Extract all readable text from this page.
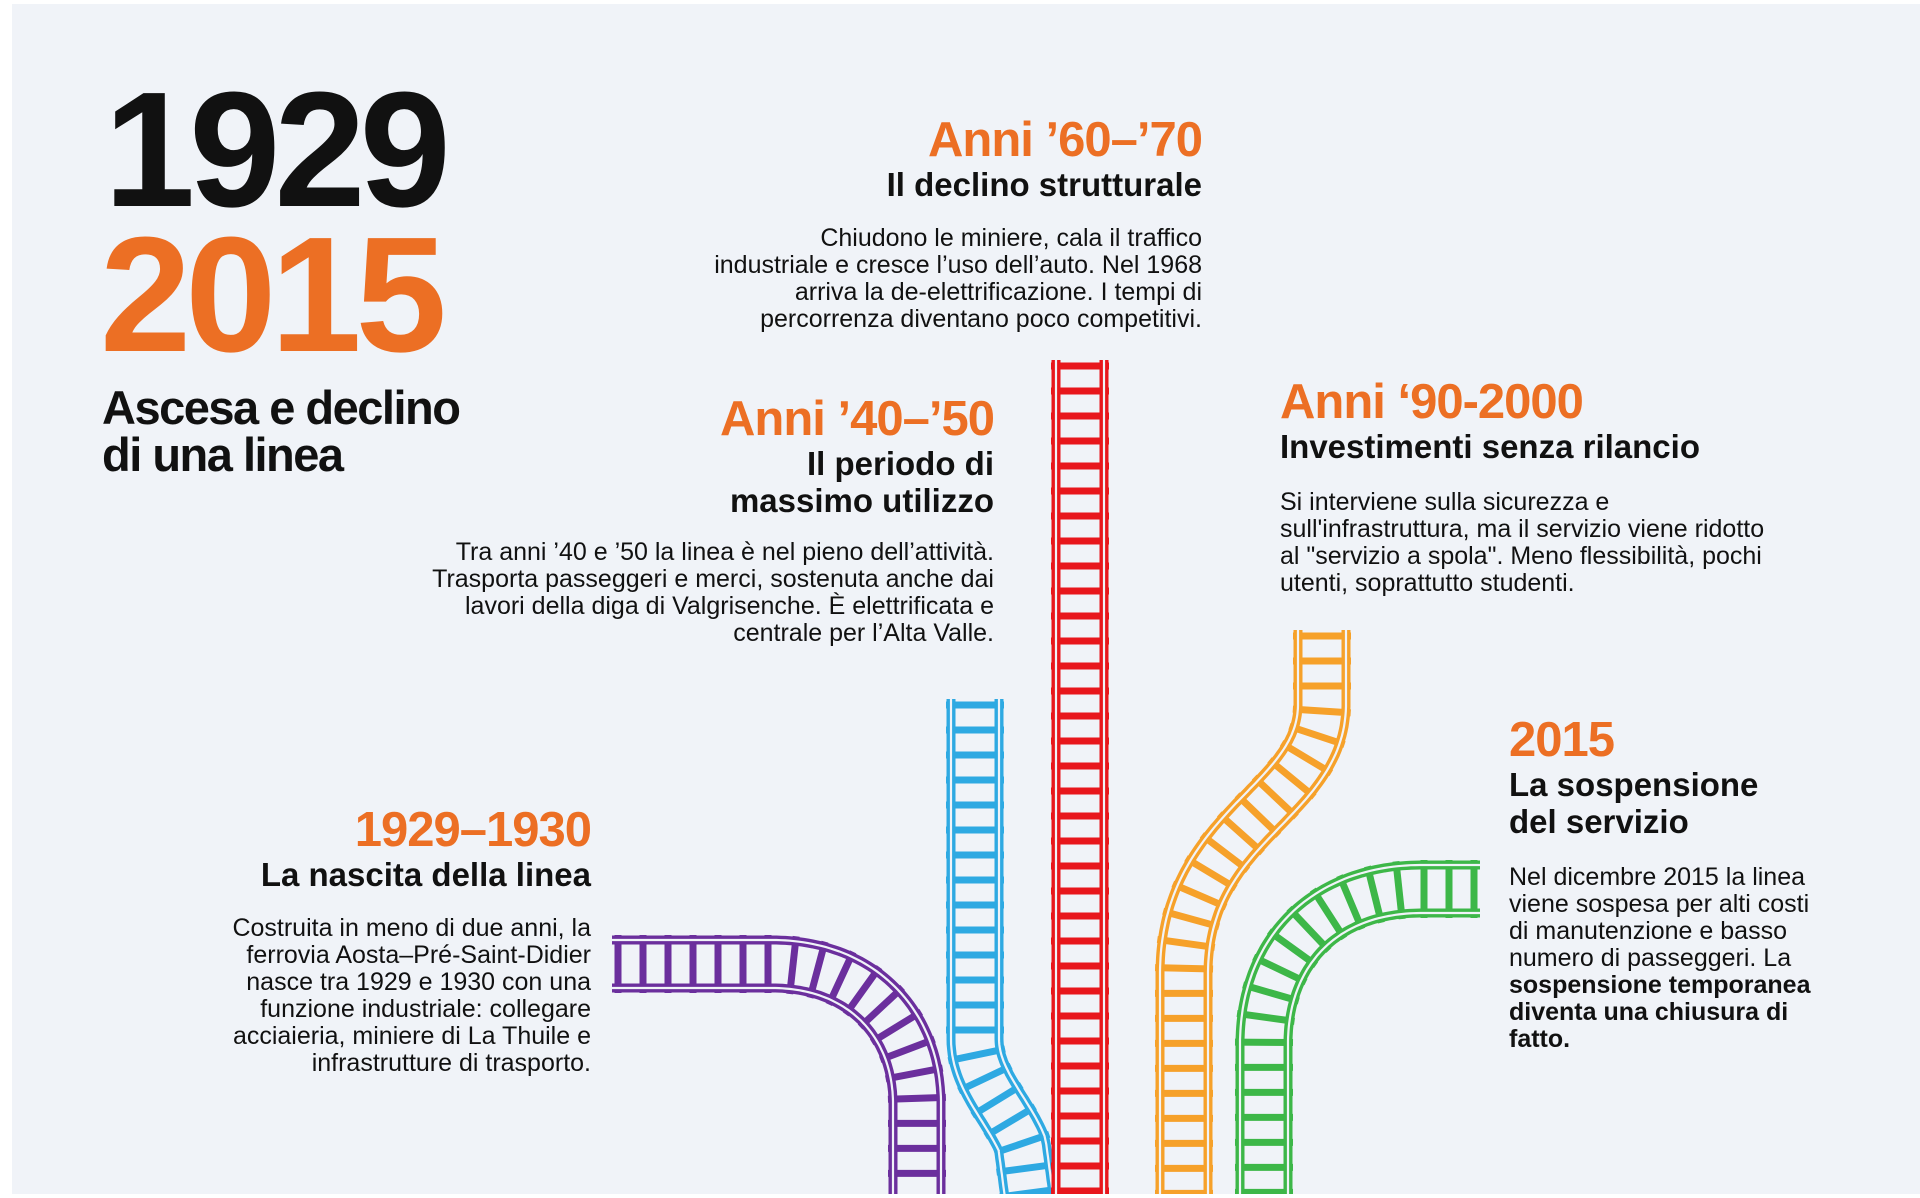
1929
2015
Ascesa e declino
di una linea
1929–1930
La nascita della linea
Costruita in meno di due anni, la
ferrovia Aosta–Pré-Saint-Didier
nasce tra 1929 e 1930 con una
funzione industriale: collegare
acciaieria, miniere di La Thuile e
infrastrutture di trasporto.
Anni ’40–’50
Il periodo di
massimo utilizzo
Tra anni ’40 e ’50 la linea è nel pieno dell’attività.
Trasporta passeggeri e merci, sostenuta anche dai
lavori della diga di Valgrisenche. È elettrificata e
centrale per l’Alta Valle.
Anni ’60–’70
Il declino strutturale
Chiudono le miniere, cala il traffico
industriale e cresce l’uso dell’auto. Nel 1968
arriva la de-elettrificazione. I tempi di
percorrenza diventano poco competitivi.
Anni ‘90-2000
Investimenti senza rilancio
Si interviene sulla sicurezza e
sull'infrastruttura, ma il servizio viene ridotto
al "servizio a spola". Meno flessibilità, pochi
utenti, soprattutto studenti.
2015
La sospensione
del servizio
Nel dicembre 2015 la linea
viene sospesa per alti costi
di manutenzione e basso
numero di passeggeri. La
sospensione temporanea
diventa una chiusura di
fatto.
